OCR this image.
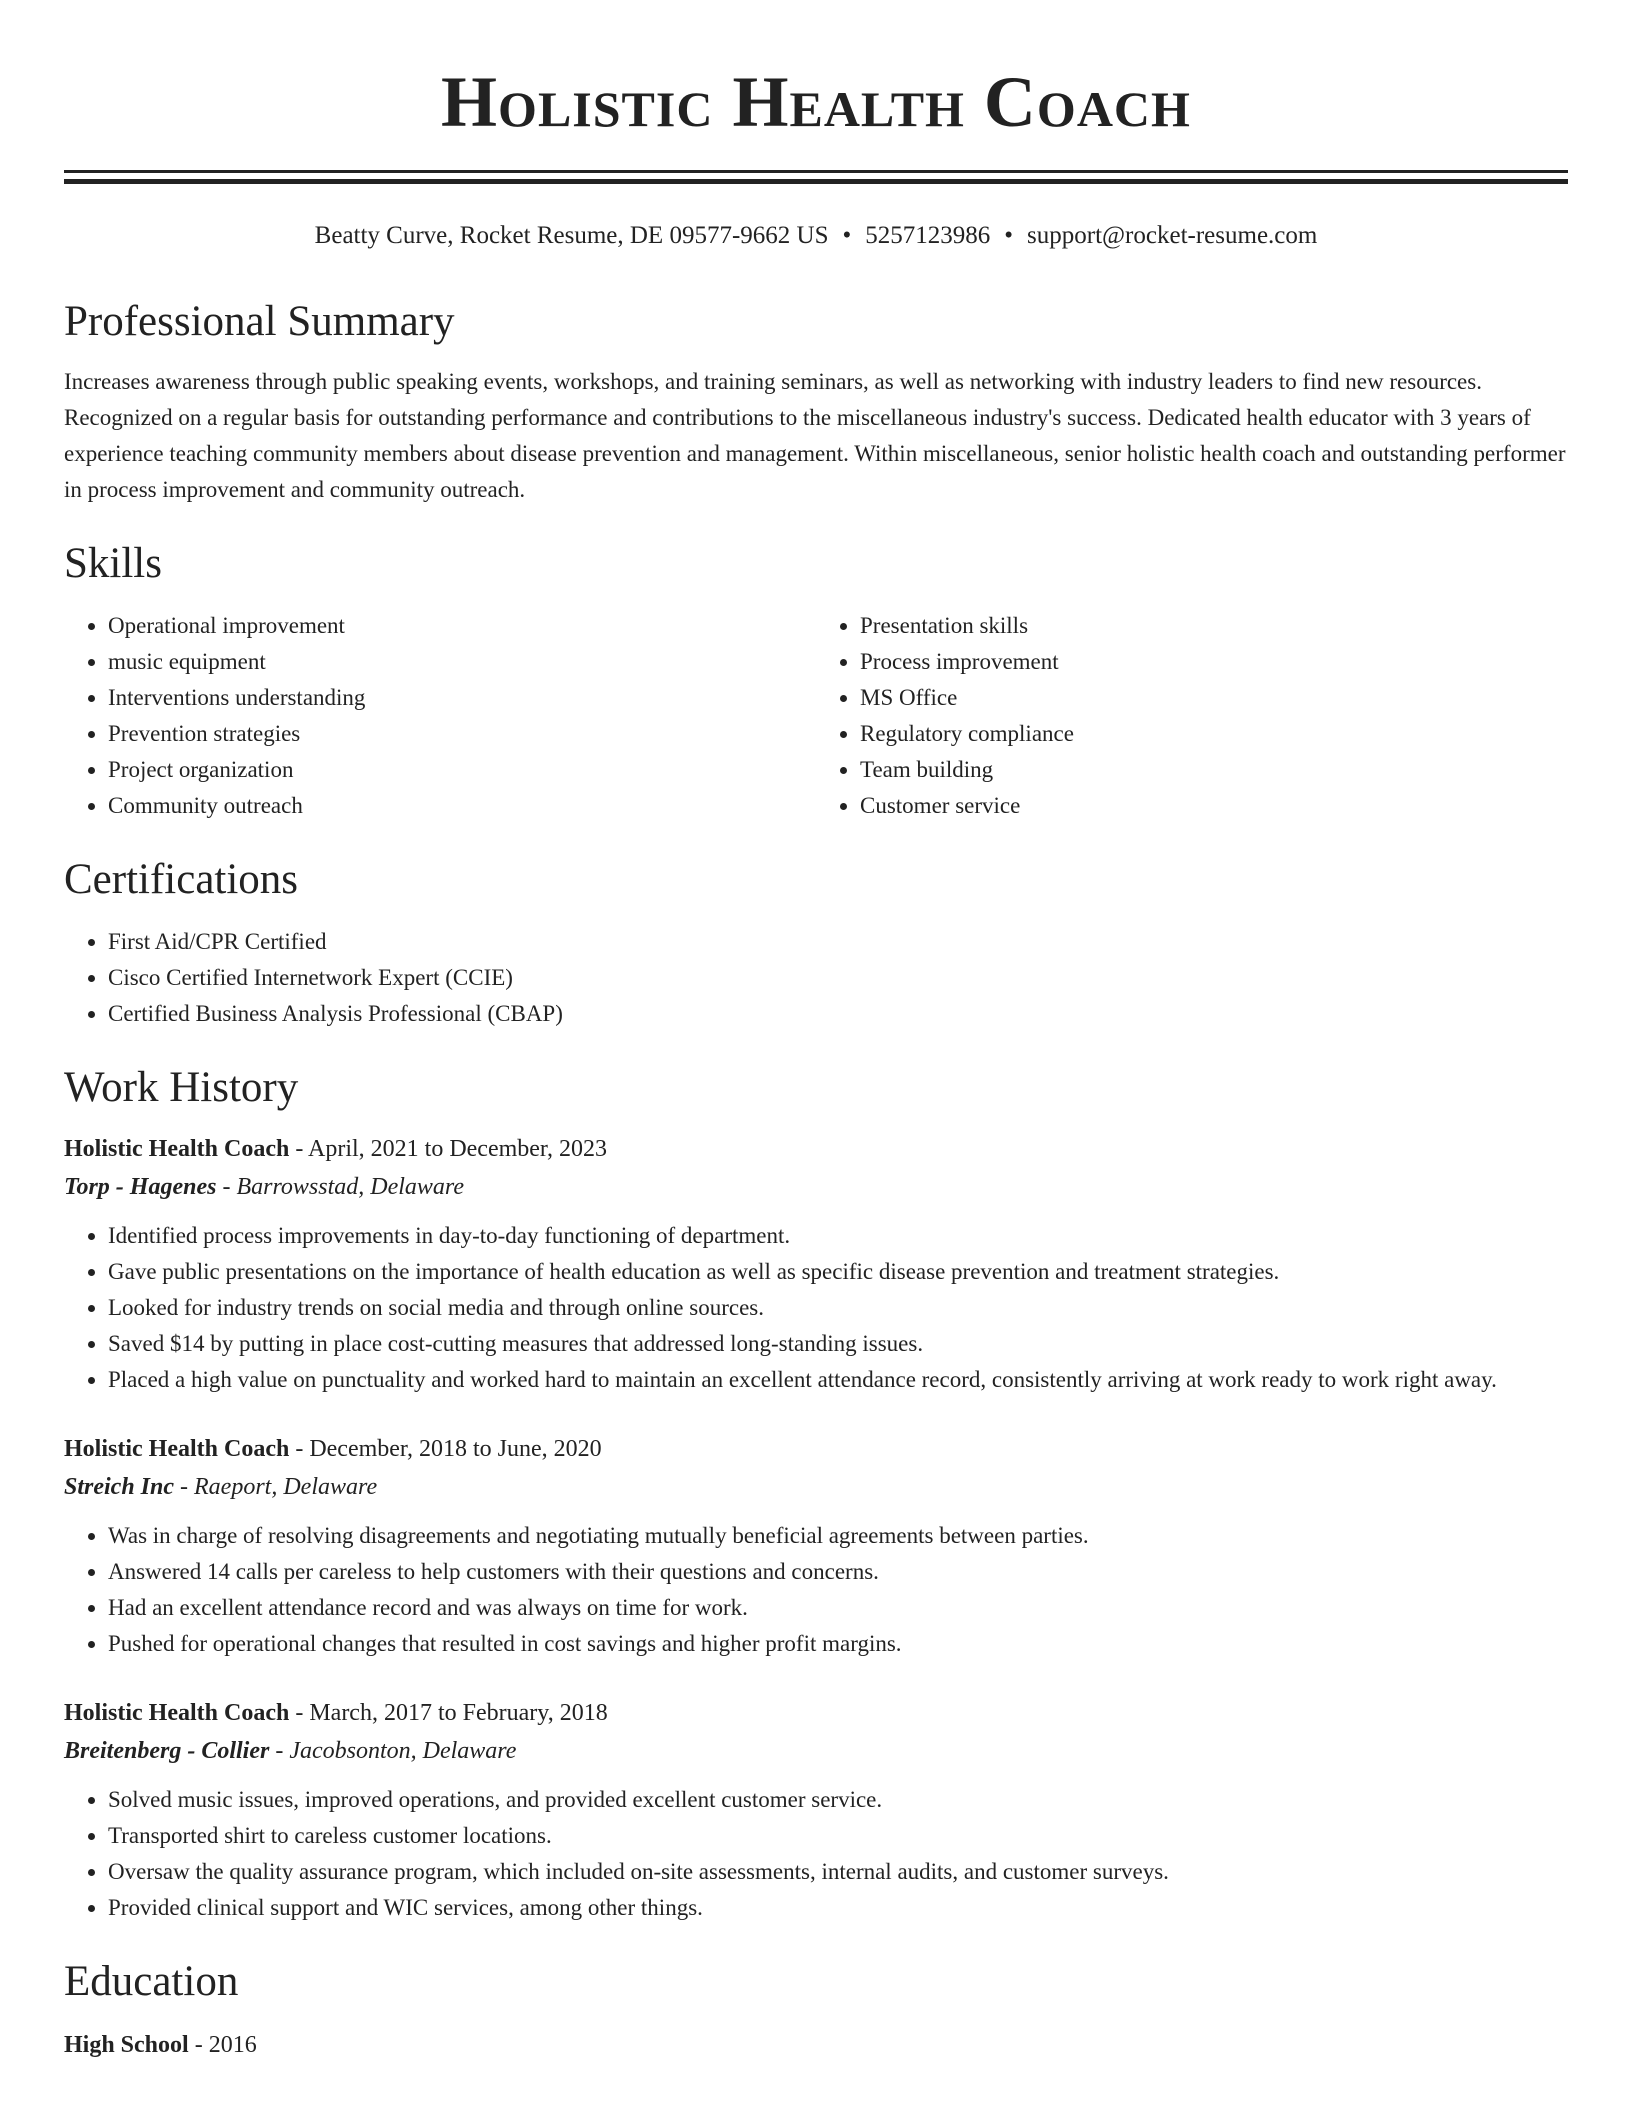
Holistic Health Coach
Beatty Curve, Rocket Resume, DE 09577-9662 US • 5257123986 • support@rocket-resume.com
Professional Summary

Increases awareness through public speaking events, workshops, and training seminars, as well as networking with industry leaders to find new resources. Recognized on a regular basis for outstanding performance and contributions to the miscellaneous industry's success. Dedicated health educator with 3 years of experience teaching community members about disease prevention and management. Within miscellaneous, senior holistic health coach and outstanding performer in process improvement and community outreach.

Skills
• Operational improvement
• music equipment
• Interventions understanding
• Prevention strategies
• Project organization
• Community outreach
• Presentation skills
• Process improvement
• MS Office
• Regulatory compliance
• Team building
• Customer service
Certifications
• First Aid/CPR Certified
• Cisco Certified Internetwork Expert (CCIE)
• Certified Business Analysis Professional (CBAP)
Work History
Holistic Health Coach - April, 2021 to December, 2023
Torp - Hagenes - Barrowsstad, Delaware
• Identified process improvements in day-to-day functioning of department.
• Gave public presentations on the importance of health education as well as specific disease prevention and treatment strategies.
• Looked for industry trends on social media and through online sources.
• Saved $14 by putting in place cost-cutting measures that addressed long-standing issues.
• Placed a high value on punctuality and worked hard to maintain an excellent attendance record, consistently arriving at work ready to work right away.
Holistic Health Coach - December, 2018 to June, 2020
Streich Inc - Raeport, Delaware
• Was in charge of resolving disagreements and negotiating mutually beneficial agreements between parties.
• Answered 14 calls per careless to help customers with their questions and concerns.
• Had an excellent attendance record and was always on time for work.
• Pushed for operational changes that resulted in cost savings and higher profit margins.
Holistic Health Coach - March, 2017 to February, 2018
Breitenberg - Collier - Jacobsonton, Delaware
• Solved music issues, improved operations, and provided excellent customer service.
• Transported shirt to careless customer locations.
• Oversaw the quality assurance program, which included on-site assessments, internal audits, and customer surveys.
• Provided clinical support and WIC services, among other things.
Education
High School - 2016
